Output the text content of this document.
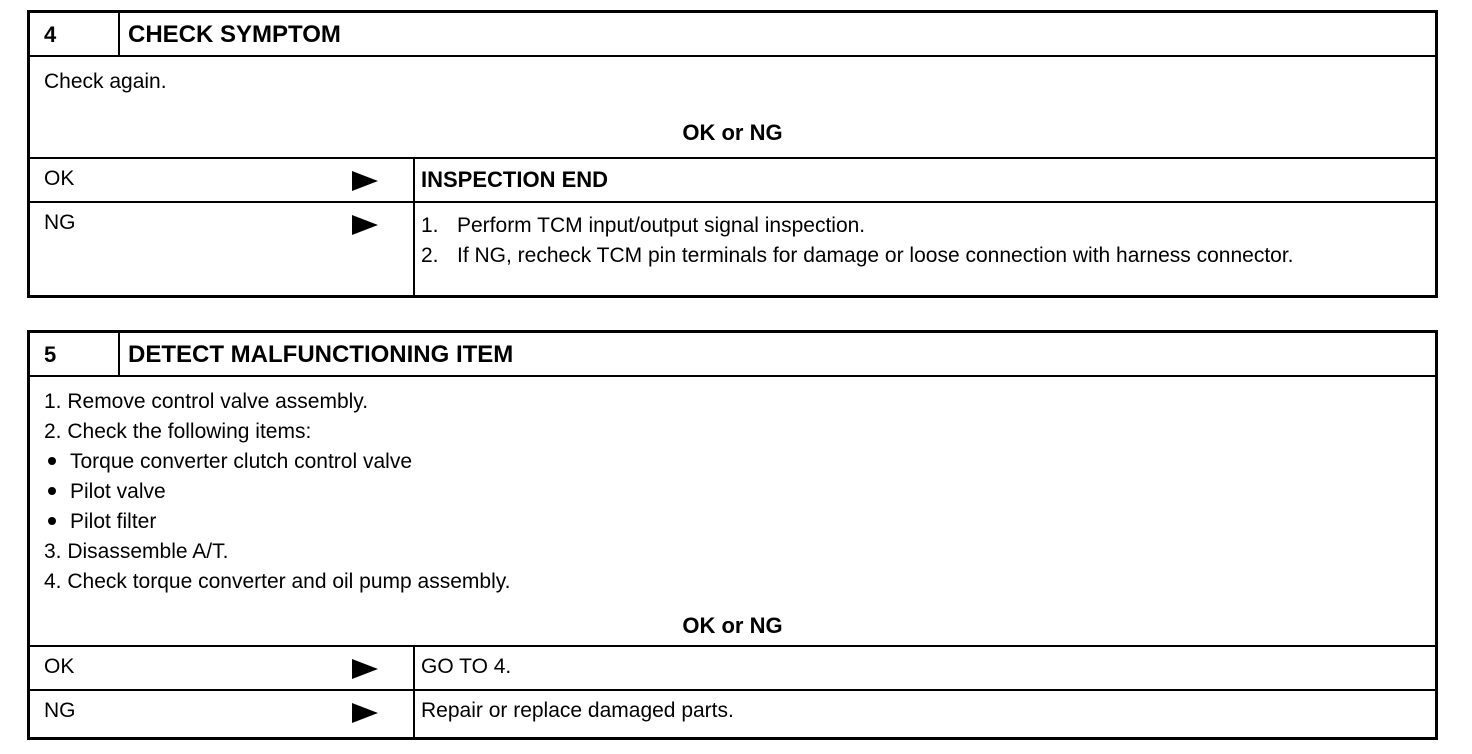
4	CHECK SYMPTOM
Check again.
OK or NG
OK	INSPECTION END
NG	1. Perform TCM input/output signal inspection.
2. If NG, recheck TCM pin terminals for damage or loose connection with harness connector.
5	DETECT MALFUNCTIONING ITEM
1. Remove control valve assembly.
2. Check the following items:
Torque converter clutch control valve
Pilot valve
Pilot filter
3. Disassemble A/T.
4. Check torque converter and oil pump assembly.
OK or NG
OK	GO TO 4.
NG	Repair or replace damaged parts.
